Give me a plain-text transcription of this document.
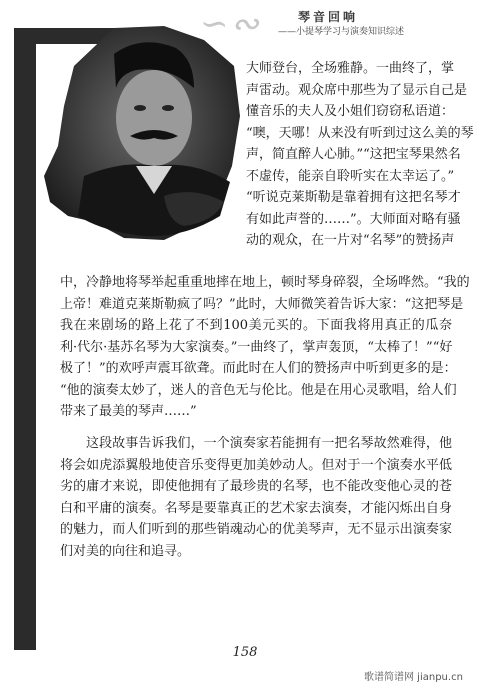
∽∾	琴音回响
——小提琴学习与演奏知识综述
大师登台，全场雅静。一曲终了，掌
声雷动。观众席中那些为了显示自己是
懂音乐的夫人及小姐们窃窃私语道：
“噢，天哪！从来没有听到过这么美的琴
声，简直醉人心肺。”“这把宝琴果然名
不虚传，能亲自聆听实在太幸运了。”
“听说克莱斯勒是靠着拥有这把名琴才
有如此声誉的……”。大师面对略有骚
动的观众，在一片对“名琴”的赞扬声
中，冷静地将琴举起重重地摔在地上，顿时琴身碎裂，全场哗然。“我的
上帝！难道克莱斯勒疯了吗？”此时，大师微笑着告诉大家：“这把琴是
我在来剧场的路上花了不到100美元买的。下面我将用真正的瓜奈
利·代尔·基苏名琴为大家演奏。”一曲终了，掌声轰顶，“太棒了！”“好
极了！”的欢呼声震耳欲聋。而此时在人们的赞扬声中听到更多的是：
“他的演奏太妙了，迷人的音色无与伦比。他是在用心灵歌唱，给人们
带来了最美的琴声……”
这段故事告诉我们，一个演奏家若能拥有一把名琴故然难得，他
将会如虎添翼般地使音乐变得更加美妙动人。但对于一个演奏水平低
劣的庸才来说，即使他拥有了最珍贵的名琴，也不能改变他心灵的苍
白和平庸的演奏。名琴是要靠真正的艺术家去演奏，才能闪烁出自身
的魅力，而人们听到的那些销魂动心的优美琴声，无不显示出演奏家
们对美的向往和追寻。
158
歌谱简谱网 jianpu.cn
